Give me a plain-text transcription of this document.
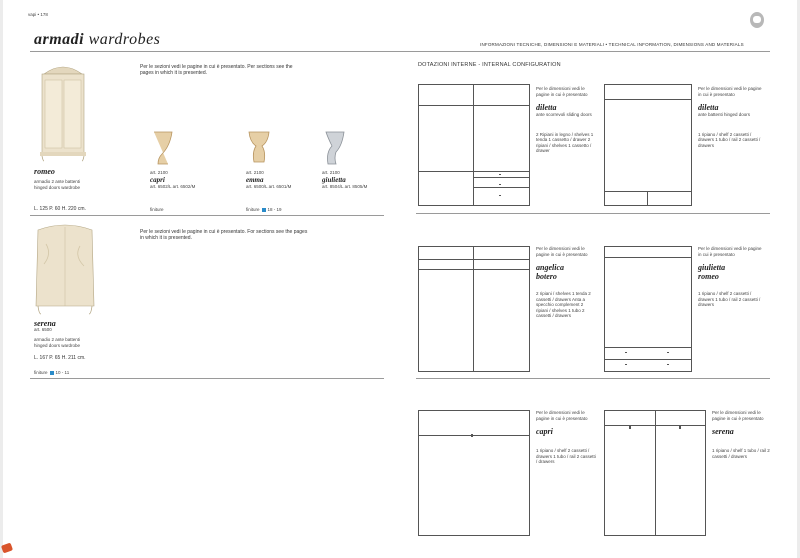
vapi • 178
armadi wardrobes	INFORMAZIONI TECNICHE, DIMENSIONI E MATERIALI • TECHNICAL INFORMATION, DIMENSIONS AND MATERIALS
Per le sezioni vedi le pagine in cui è presentato. Per sections see the pages in which it is presented.
romeo
armadio 2 ante battenti hinged doors wardrobe
L. 125 P. 60 H. 220 cm.
art. 2100
capri
art. 6502/L art. 6502/M
art. 2100
emma
art. 6500/L art. 6501/M
art. 2100
giulietta
art. 8504/L art. 8505/M
finiture	finiture 18 - 19
Per le sezioni vedi le pagine in cui è presentato. For sections see the pages in which it is presented.
serena
art. 6500
armadio 2 ante battenti hinged doors wardrobe
L. 167 P. 65 H. 211 cm.
finiture 10 - 11
DOTAZIONI INTERNE - INTERNAL CONFIGURATION
Per le dimensioni vedi le pagine in cui è presentato
diletta
ante scorrevoli sliding doors
2 Ripiani in legno / shelves 1 tenda 1 cassetto / drawer 2 ripiani / shelves 1 cassetto / drawer
Per le dimensioni vedi le pagine in cui è presentato
diletta
ante battenti hinged doors
1 ripiano / shelf 2 cassetti / drawers 1 tubo / rail 2 cassetti / drawers
Per le dimensioni vedi le pagine in cui è presentato
angelica
botero
2 ripiani / shelves 1 tenda 2 cassetti / drawers Anta a specchio complement 2 ripiani / shelves 1 tubo 2 cassetti / drawers
Per le dimensioni vedi le pagine in cui è presentato
giulietta
romeo
1 ripiano / shelf 2 cassetti / drawers 1 tubo / rail 2 cassetti / drawers
Per le dimensioni vedi le pagine in cui è presentato
capri
1 ripiano / shelf 2 cassetti / drawers 1 tubo / rail 2 cassetti / drawers
Per le dimensioni vedi le pagine in cui è presentato
serena
1 ripiano / shelf 1 tubo / rail 2 cassetti / drawers
